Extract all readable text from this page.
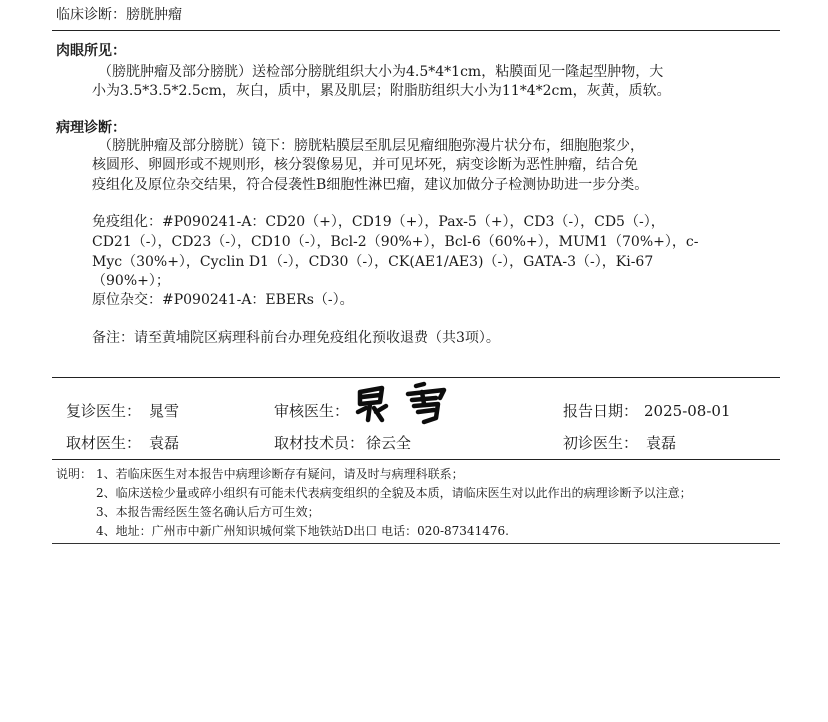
临床诊断：膀胱肿瘤
肉眼所见：
（膀胱肿瘤及部分膀胱）送检部分膀胱组织大小为4.5*4*1cm，粘膜面见一隆起型肿物，大
小为3.5*3.5*2.5cm，灰白，质中，累及肌层；附脂肪组织大小为11*4*2cm，灰黄，质软。
病理诊断：
（膀胱肿瘤及部分膀胱）镜下：膀胱粘膜层至肌层见瘤细胞弥漫片状分布，细胞胞浆少，
核圆形、卵圆形或不规则形，核分裂像易见，并可见坏死，病变诊断为恶性肿瘤，结合免
疫组化及原位杂交结果，符合侵袭性B细胞性淋巴瘤，建议加做分子检测协助进一步分类。
免疫组化：#P090241-A：CD20（+），CD19（+），Pax-5（+），CD3（-），CD5（-），
CD21（-），CD23（-），CD10（-），Bcl-2（90%+），Bcl-6（60%+），MUM1（70%+），c-
Myc（30%+），Cyclin D1（-），CD30（-），CK(AE1/AE3)（-），GATA-3（-），Ki-67
（90%+）；
原位杂交：#P090241-A：EBERs（-）。
备注：请至黄埔院区病理科前台办理免疫组化预收退费（共3项）。
复诊医生： 晁雪	审核医生：	报告日期： 2025-08-01
取材医生： 袁磊	取材技术员： 徐云全	初诊医生： 袁磊
说明： 1、若临床医生对本报告中病理诊断存有疑问，请及时与病理科联系；
2、临床送检少量或碎小组织有可能未代表病变组织的全貌及本质，请临床医生对以此作出的病理诊断予以注意；
3、本报告需经医生签名确认后方可生效；
4、地址：广州市中新广州知识城何棠下地铁站D出口 电话：020-87341476.
